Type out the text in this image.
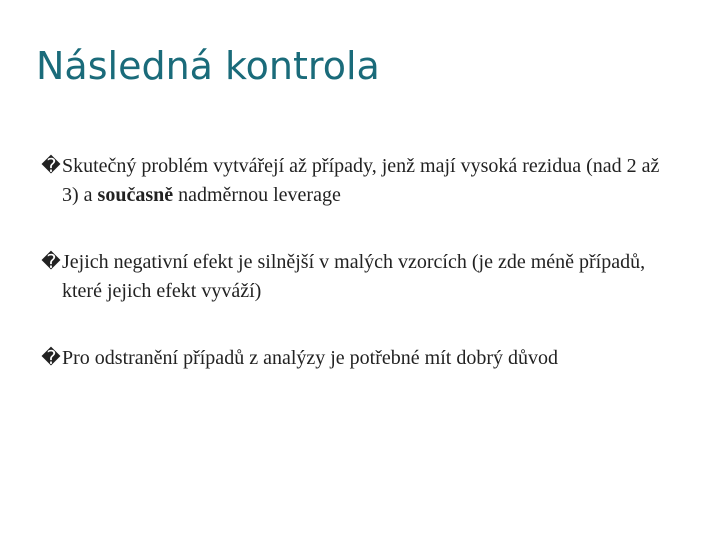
Následná kontrola
� Skutečný problém vytvářejí až případy, jenž mají vysoká rezidua (nad 2 až 3) a současně nadměrnou leverage
� Jejich negativní efekt je silnější v malých vzorcích (je zde méně případů, které jejich efekt vyváží)
� Pro odstranění případů z analýzy je potřebné mít dobrý důvod
